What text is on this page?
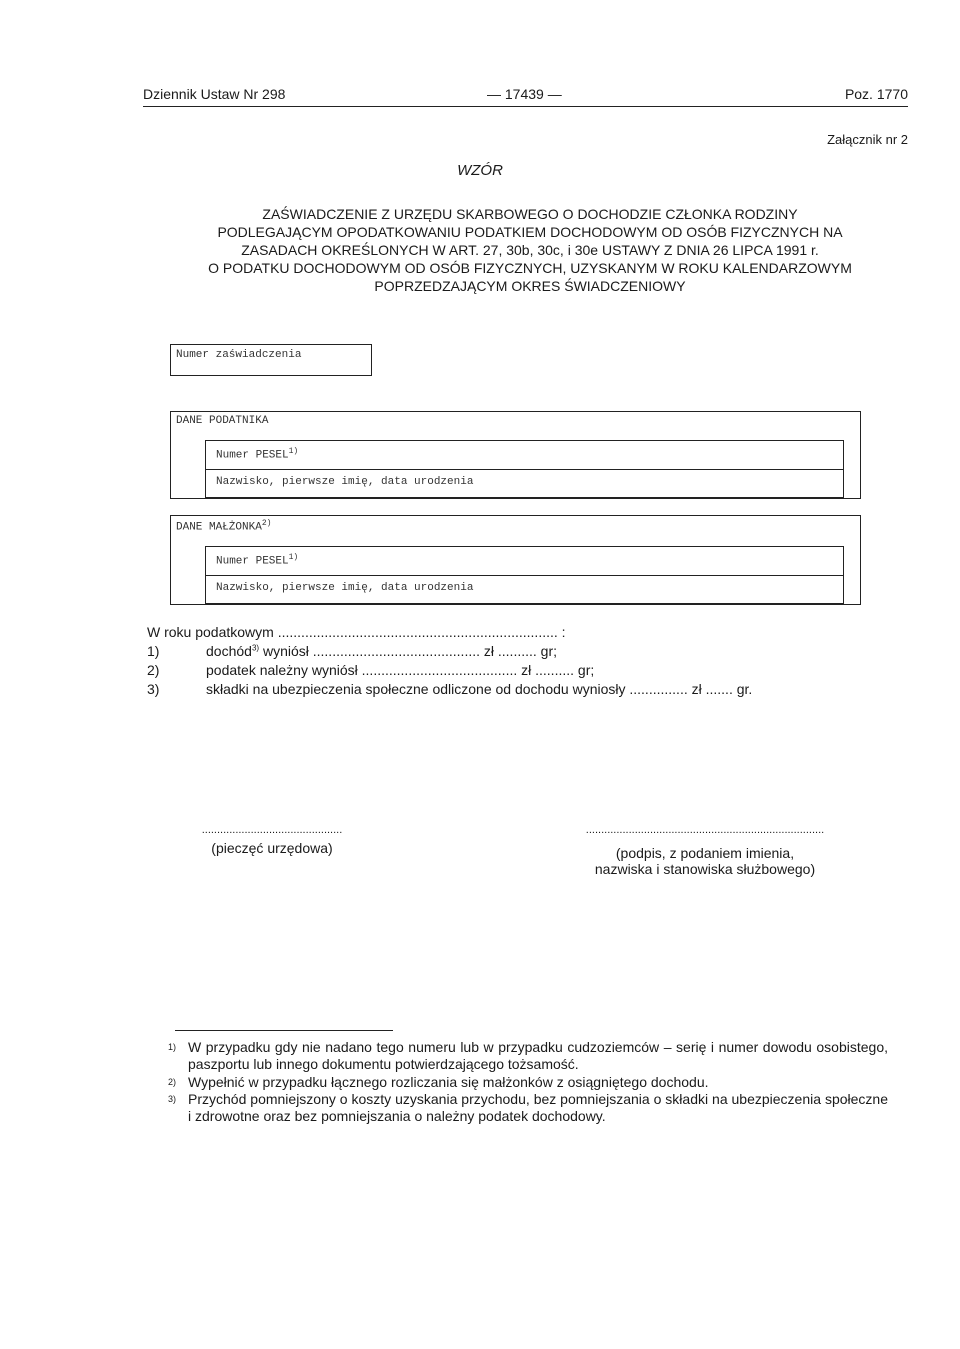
Dziennik Ustaw Nr 298	— 17439 —	Poz. 1770
Załącznik nr 2
WZÓR
ZAŚWIADCZENIE Z URZĘDU SKARBOWEGO O DOCHODZIE CZŁONKA RODZINY
PODLEGAJĄCYM OPODATKOWANIU PODATKIEM DOCHODOWYM OD OSÓB FIZYCZNYCH NA
ZASADACH OKREŚLONYCH W ART. 27, 30b, 30c, i 30e USTAWY Z DNIA 26 LIPCA 1991 r.
O PODATKU DOCHODOWYM OD OSÓB FIZYCZNYCH, UZYSKANYM W ROKU KALENDARZOWYM
POPRZEDZAJĄCYM OKRES ŚWIADCZENIOWY
Numer zaświadczenia
DANE PODATNIKA
Numer PESEL$^{1)}$
Nazwisko, pierwsze imię, data urodzenia
DANE MAŁŻONKA$^{2)}$
Numer PESEL$^{1)}$
Nazwisko, pierwsze imię, data urodzenia
W roku podatkowym ........................................................................ :
1)	dochód$^{3)}$ wyniósł ........................................... zł .......... gr;
2)	podatek należny wyniósł ........................................ zł .......... gr;
3)	składki na ubezpieczenia społeczne odliczone od dochodu wyniosły ............... zł ....... gr.
..............................................
(pieczęć urzędowa)
..............................................................................
(podpis, z podaniem imienia,
nazwiska i stanowiska służbowego)
1) W przypadku gdy nie nadano tego numeru lub w przypadku cudzoziemców – serię i numer dowodu osobistego, paszportu lub innego dokumentu potwierdzającego tożsamość.
2) Wypełnić w przypadku łącznego rozliczania się małżonków z osiągniętego dochodu.
3) Przychód pomniejszony o koszty uzyskania przychodu, bez pomniejszania o składki na ubezpieczenia społeczne i zdrowotne oraz bez pomniejszania o należny podatek dochodowy.
